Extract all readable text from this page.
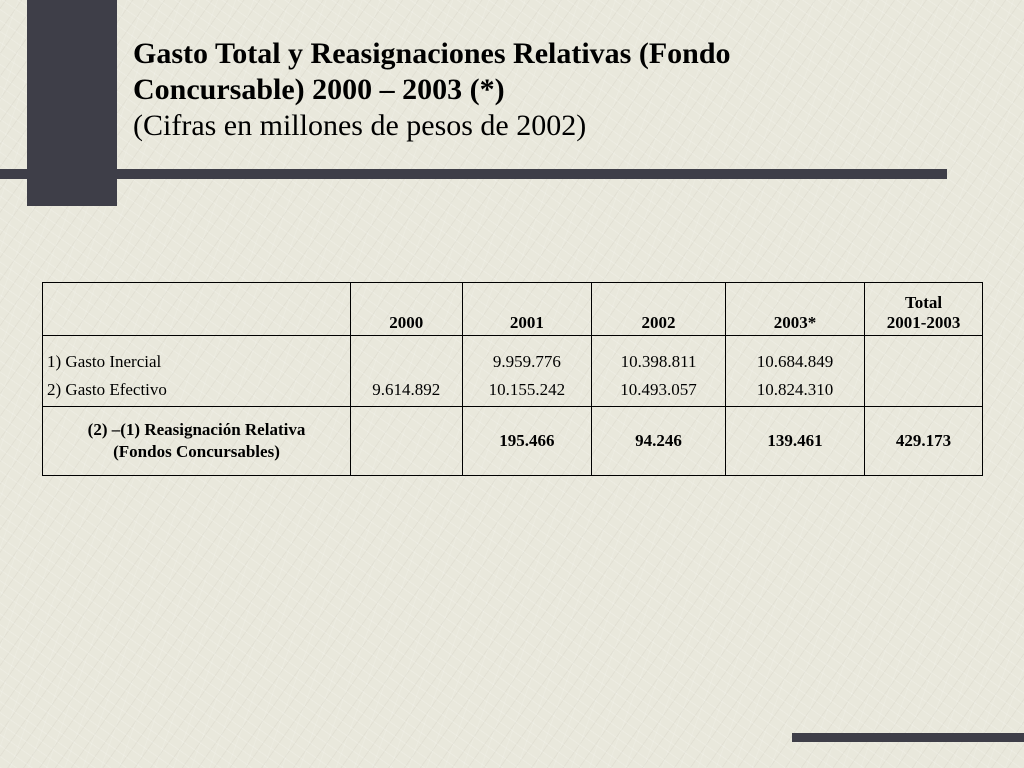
Gasto Total y Reasignaciones Relativas (Fondo
Concursable) 2000 – 2003 (*)
(Cifras en millones de pesos de 2002)
	2000	2001	2002	2003*	Total
2001-2003
1) Gasto Inercial		9.959.776	10.398.811	10.684.849	
2) Gasto Efectivo	9.614.892	10.155.242	10.493.057	10.824.310	
(2) –(1) Reasignación Relativa
(Fondos Concursables)		195.466	94.246	139.461	429.173
